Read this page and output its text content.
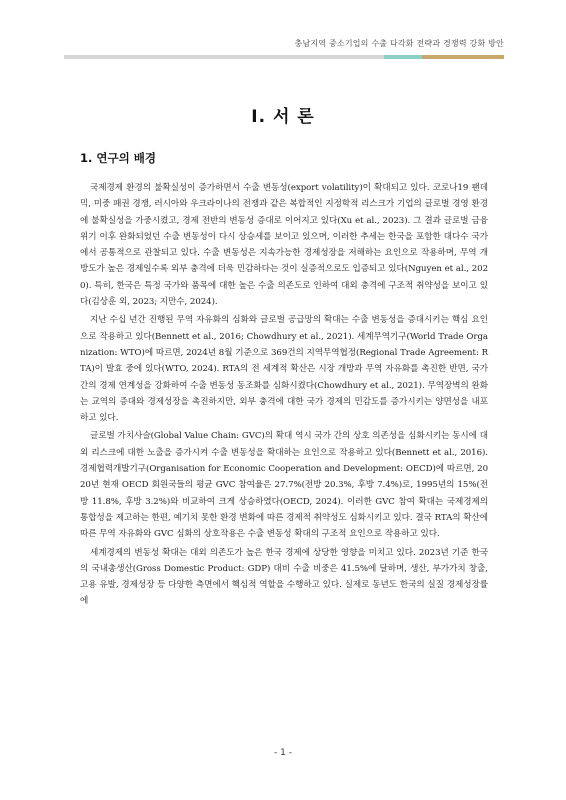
충남지역 중소기업의 수출 다각화 전략과 경쟁력 강화 방안
Ⅰ. 서 론
1. 연구의 배경

국제경제 환경의 불확실성이 증가하면서 수출 변동성(export volatility)이 확대되고 있다. 코로나19 팬데믹, 미중 패권 경쟁, 러시아와 우크라이나의 전쟁과 같은 복합적인 지정학적 리스크가 기업의 글로벌 경영 환경에 불확실성을 가중시켰고, 경제 전반의 변동성 증대로 이어지고 있다(Xu et al., 2023). 그 결과 글로벌 금융위기 이후 완화되었던 수출 변동성이 다시 상승세를 보이고 있으며, 이러한 추세는 한국을 포함한 대다수 국가에서 공통적으로 관찰되고 있다. 수출 변동성은 지속가능한 경제성장을 저해하는 요인으로 작용하며, 무역 개방도가 높은 경제일수록 외부 충격에 더욱 민감하다는 것이 실증적으로도 입증되고 있다(Nguyen et al., 2020). 특히, 한국은 특정 국가와 품목에 대한 높은 수출 의존도로 인하여 대외 충격에 구조적 취약성을 보이고 있다(김상훈 외, 2023; 지만수, 2024).

지난 수십 년간 진행된 무역 자유화의 심화와 글로벌 공급망의 확대는 수출 변동성을 증대시키는 핵심 요인으로 작용하고 있다(Bennett et al., 2016; Chowdhury et al., 2021). 세계무역기구(World Trade Organization: WTO)에 따르면, 2024년 8월 기준으로 369건의 지역무역협정(Regional Trade Agreement: RTA)이 발효 중에 있다(WTO, 2024). RTA의 전 세계적 확산은 시장 개방과 무역 자유화를 촉진한 반면, 국가 간의 경제 연계성을 강화하여 수출 변동성 동조화를 심화시켰다(Chowdhury et al., 2021). 무역장벽의 완화는 교역의 증대와 경제성장을 촉진하지만, 외부 충격에 대한 국가 경제의 민감도를 증가시키는 양면성을 내포하고 있다.

글로벌 가치사슬(Global Value Chain: GVC)의 확대 역시 국가 간의 상호 의존성을 심화시키는 동시에 대외 리스크에 대한 노출을 증가시켜 수출 변동성을 확대하는 요인으로 작용하고 있다(Bennett et al., 2016). 경제협력개발기구(Organisation for Economic Cooperation and Development: OECD)에 따르면, 2020년 현재 OECD 회원국들의 평균 GVC 참여율은 27.7%(전방 20.3%, 후방 7.4%)로, 1995년의 15%(전방 11.8%, 후방 3.2%)와 비교하여 크게 상승하였다(OECD, 2024). 이러한 GVC 참여 확대는 국제경제의 통합성을 제고하는 한편, 예기치 못한 환경 변화에 따른 경제적 취약성도 심화시키고 있다. 결국 RTA의 확산에 따른 무역 자유화와 GVC 심화의 상호작용은 수출 변동성 확대의 구조적 요인으로 작용하고 있다.

세계경제의 변동성 확대는 대외 의존도가 높은 한국 경제에 상당한 영향을 미치고 있다. 2023년 기준 한국의 국내총생산(Gross Domestic Product: GDP) 대비 수출 비중은 41.5%에 달하며, 생산, 부가가치 창출, 고용 유발, 경제성장 등 다양한 측면에서 핵심적 역할을 수행하고 있다. 실제로 동년도 한국의 실질 경제성장률에

- 1 -
